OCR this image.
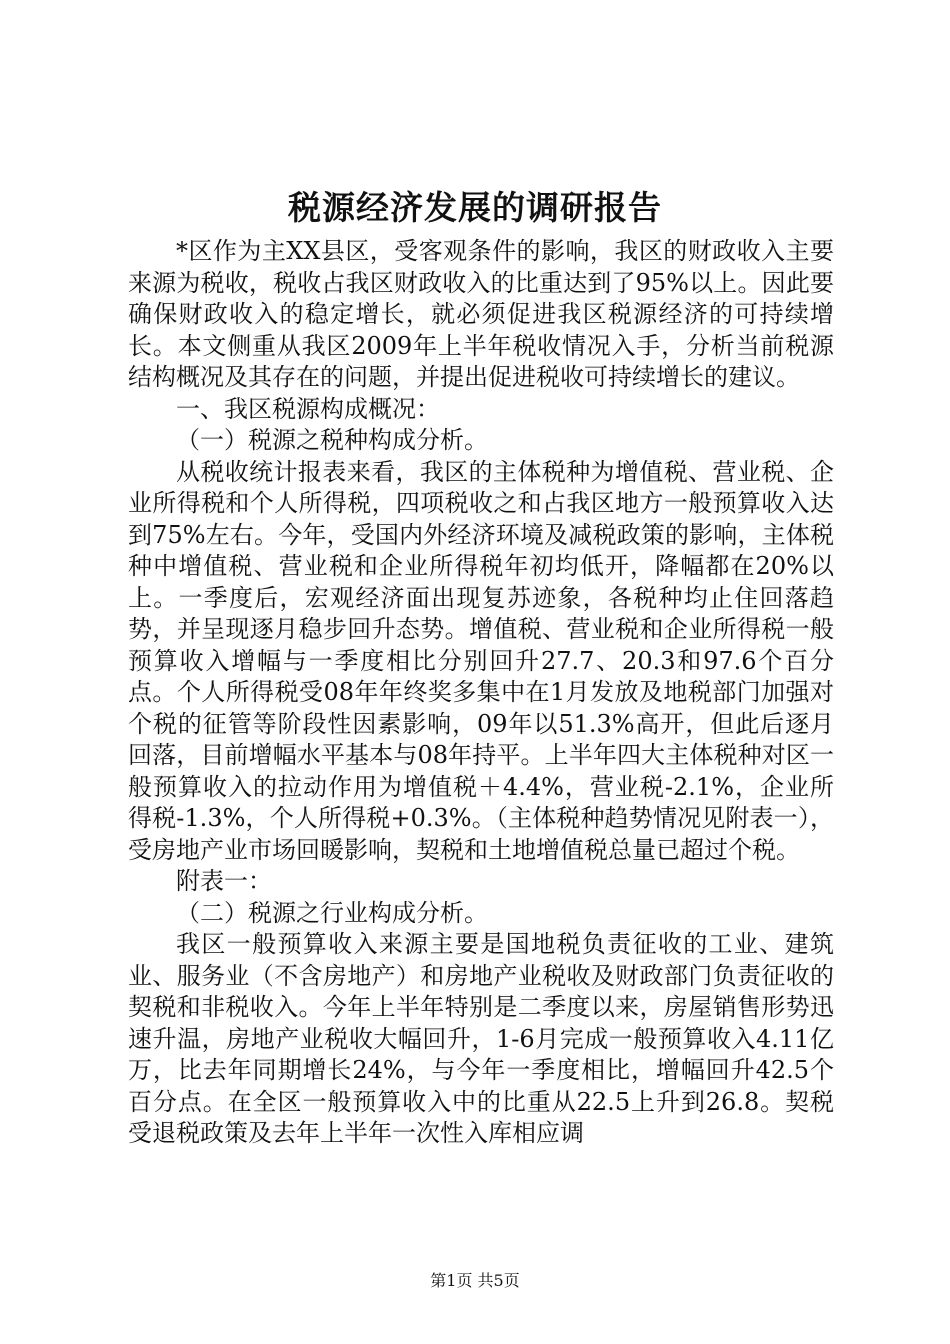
税源经济发展的调研报告

*区作为主XX县区，受客观条件的影响，我区的财政收入主要来源为税收，税收占我区财政收入的比重达到了95%以上。因此要确保财政收入的稳定增长，就必须促进我区税源经济的可持续增长。本文侧重从我区2009年上半年税收情况入手，分析当前税源结构概况及其存在的问题，并提出促进税收可持续增长的建议。

一、我区税源构成概况：

（一）税源之税种构成分析。

从税收统计报表来看，我区的主体税种为增值税、营业税、企业所得税和个人所得税，四项税收之和占我区地方一般预算收入达到75%左右。今年，受国内外经济环境及减税政策的影响，主体税种中增值税、营业税和企业所得税年初均低开，降幅都在20%以上。一季度后，宏观经济面出现复苏迹象，各税种均止住回落趋势，并呈现逐月稳步回升态势。增值税、营业税和企业所得税一般预算收入增幅与一季度相比分别回升27.7、20.3和97.6个百分点。个人所得税受08年年终奖多集中在1月发放及地税部门加强对个税的征管等阶段性因素影响，09年以51.3%高开，但此后逐月回落，目前增幅水平基本与08年持平。上半年四大主体税种对区一般预算收入的拉动作用为增值税＋4.4%，营业税-2.1%，企业所得税-1.3%，个人所得税+0.3%。（主体税种趋势情况见附表一），受房地产业市场回暖影响，契税和土地增值税总量已超过个税。

附表一：

（二）税源之行业构成分析。

我区一般预算收入来源主要是国地税负责征收的工业、建筑业、服务业（不含房地产）和房地产业税收及财政部门负责征收的契税和非税收入。今年上半年特别是二季度以来，房屋销售形势迅速升温，房地产业税收大幅回升，1-6月完成一般预算收入4.11亿万，比去年同期增长24%，与今年一季度相比，增幅回升42.5个百分点。在全区一般预算收入中的比重从22.5上升到26.8。契税受退税政策及去年上半年一次性入库相应调

第1页 共5页
